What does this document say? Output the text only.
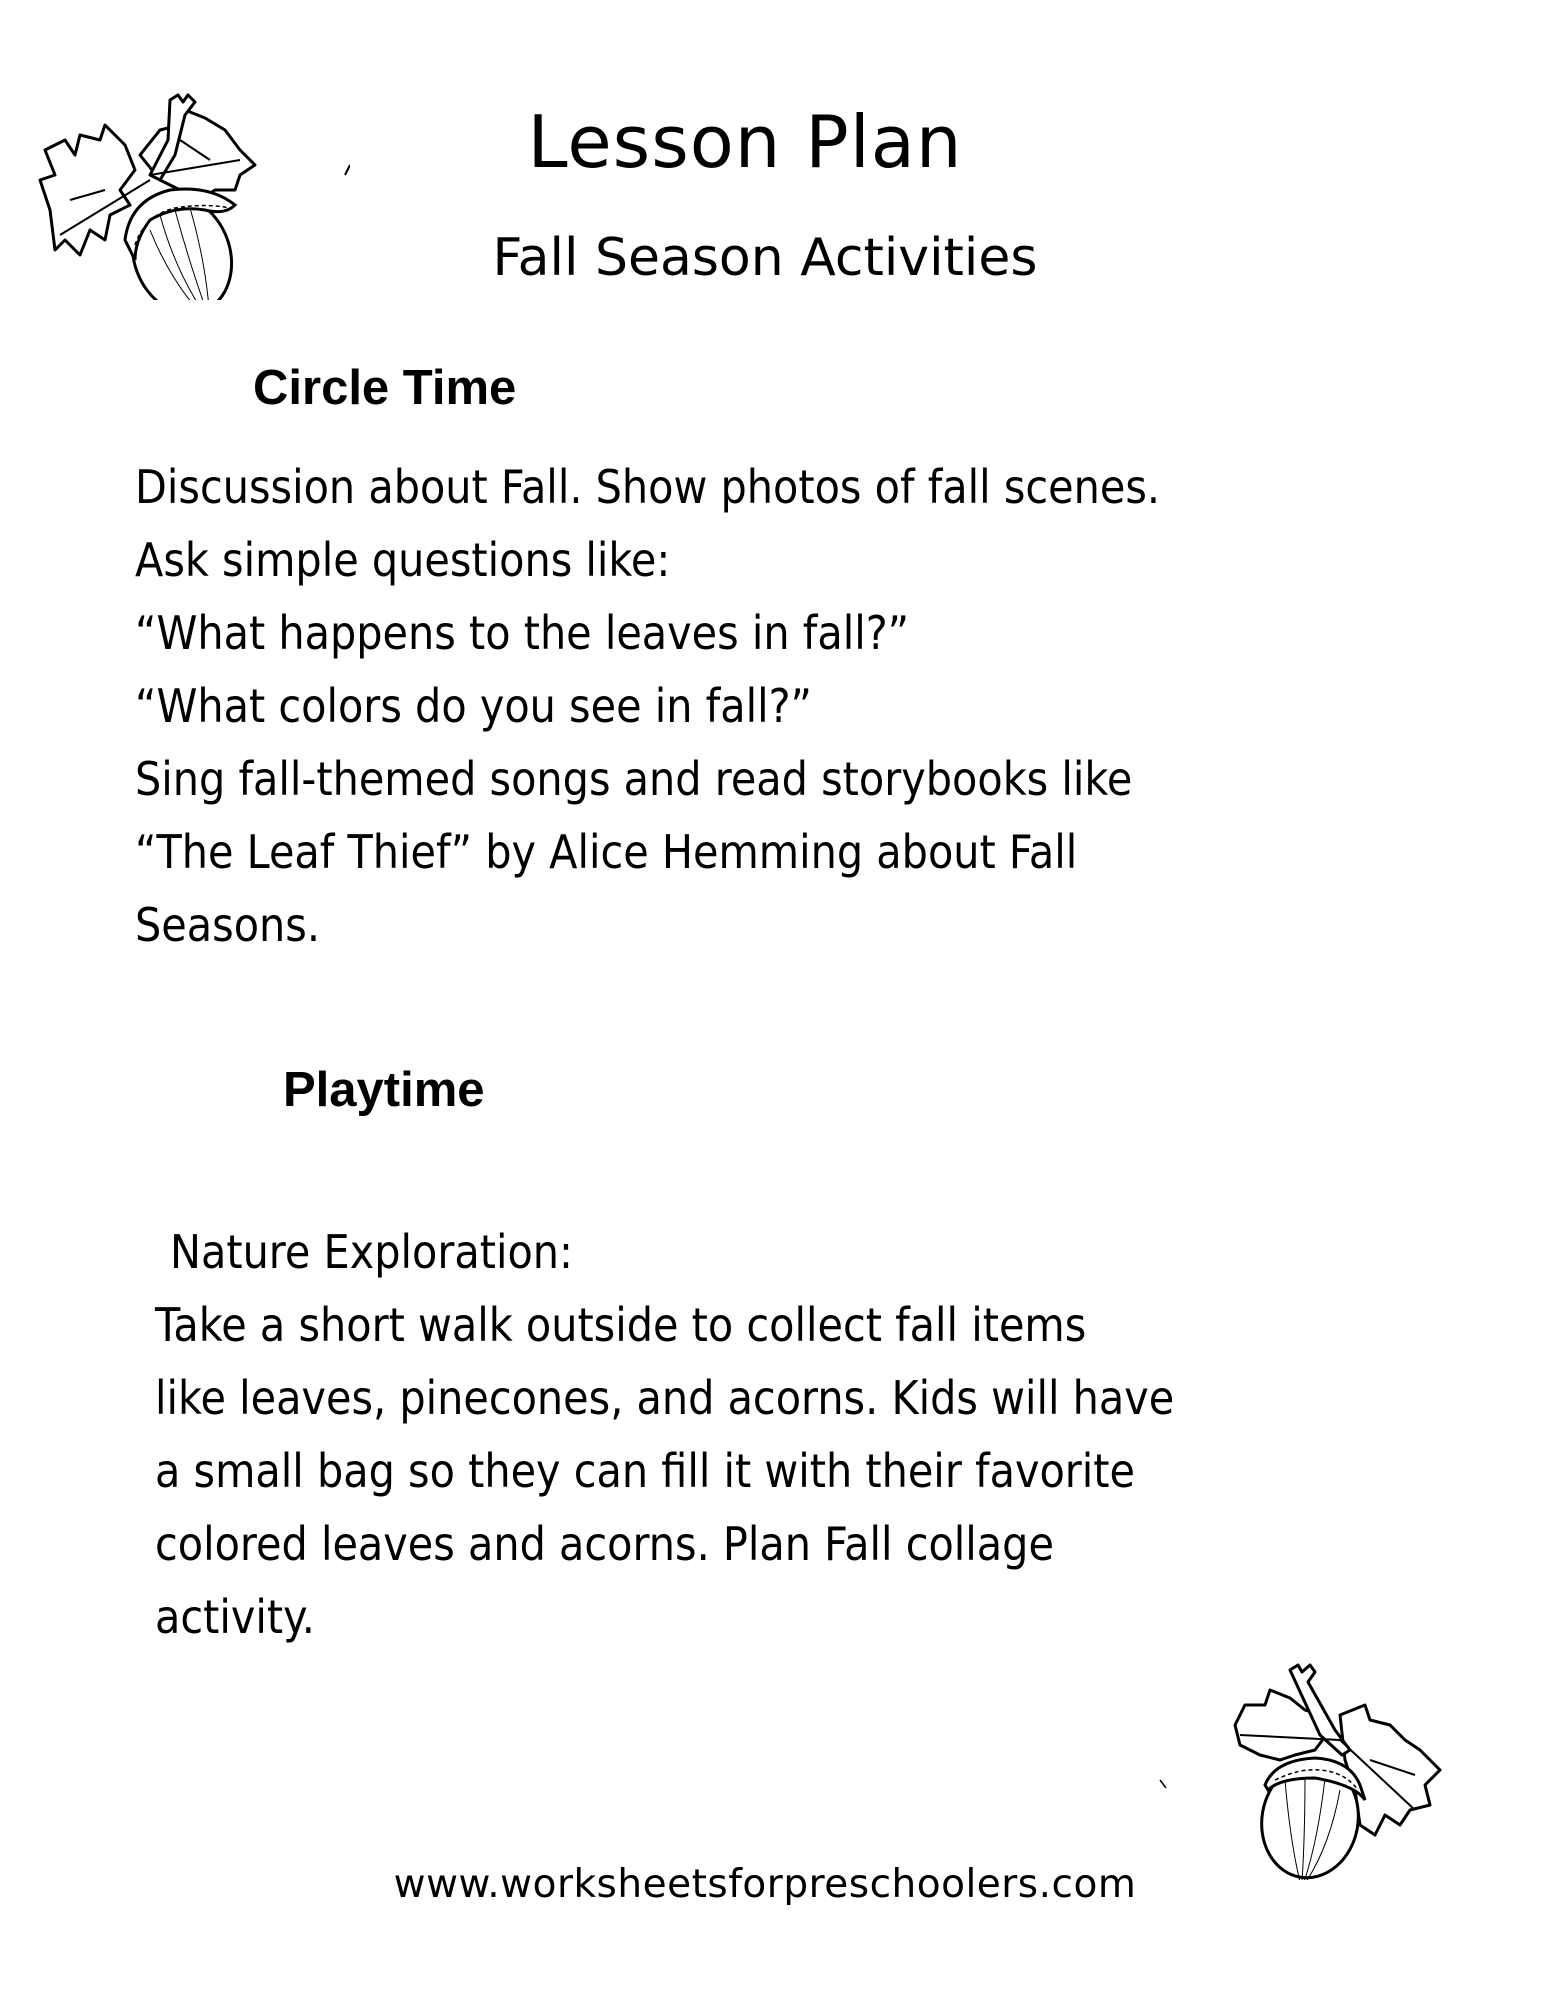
Lesson Plan
Fall Season Activities
Circle Time
Discussion about Fall. Show photos of fall scenes.
Ask simple questions like:
“What happens to the leaves in fall?”
“What colors do you see in fall?”
Sing fall-themed songs and read storybooks like
“The Leaf Thief” by Alice Hemming about Fall
Seasons.
Playtime
Nature Exploration:
Take a short walk outside to collect fall items
like leaves, pinecones, and acorns. Kids will have
a small bag so they can fill it with their favorite
colored leaves and acorns. Plan Fall collage
activity.
www.worksheetsforpreschoolers.com
